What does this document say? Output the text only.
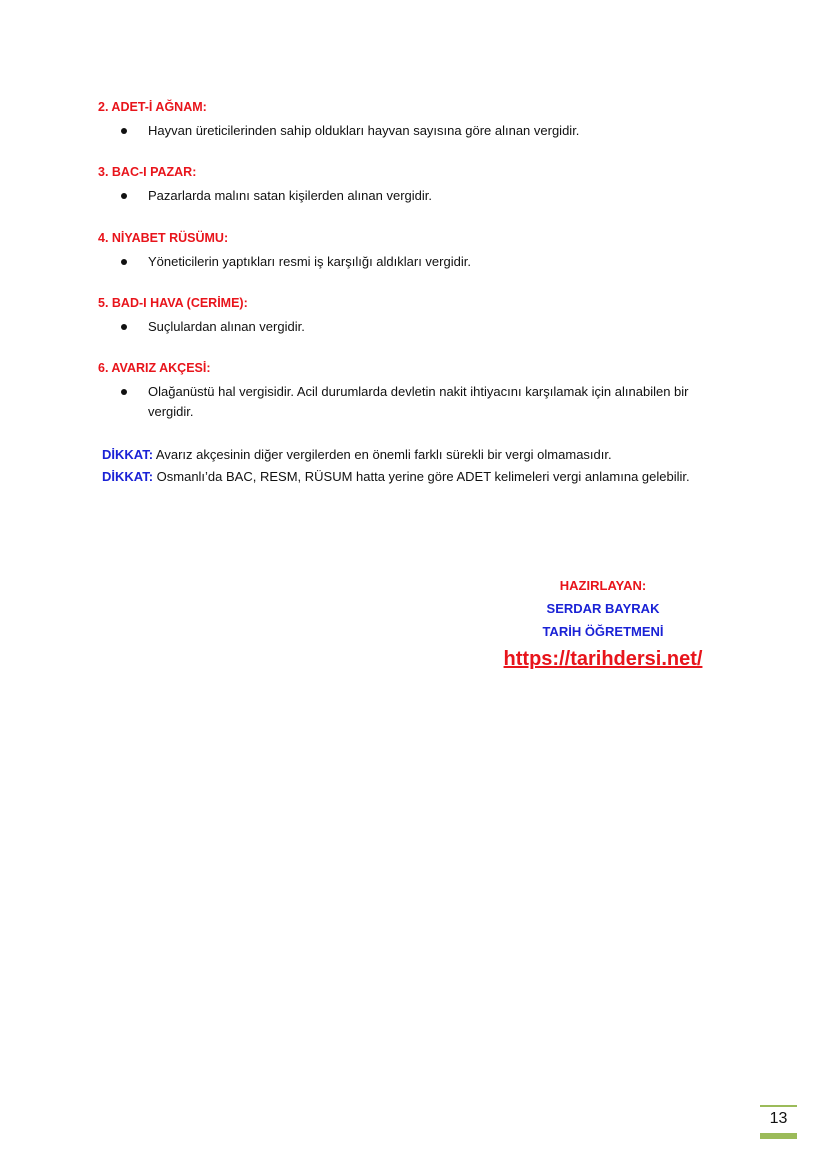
2. ADET-İ AĞNAM:
Hayvan üreticilerinden sahip oldukları hayvan sayısına göre alınan vergidir.
3. BAC-I PAZAR:
Pazarlarda malını satan kişilerden alınan vergidir.
4. NİYABET RÜSÜMU:
Yöneticilerin yaptıkları resmi iş karşılığı aldıkları vergidir.
5. BAD-I HAVA (CERİME):
Suçlulardan alınan vergidir.
6. AVARIZ AKÇESİ:
Olağanüstü hal vergisidir. Acil durumlarda devletin nakit ihtiyacını karşılamak için alınabilen bir vergidir.
DİKKAT: Avarız akçesinin diğer vergilerden en önemli farklı sürekli bir vergi olmamasıdır.
DİKKAT: Osmanlı’da BAC, RESM, RÜSUM hatta yerine göre ADET kelimeleri vergi anlamına gelebilir.
HAZIRLAYAN:
SERDAR BAYRAK
TARİH ÖĞRETMENİ
https://tarihdersi.net/
13
